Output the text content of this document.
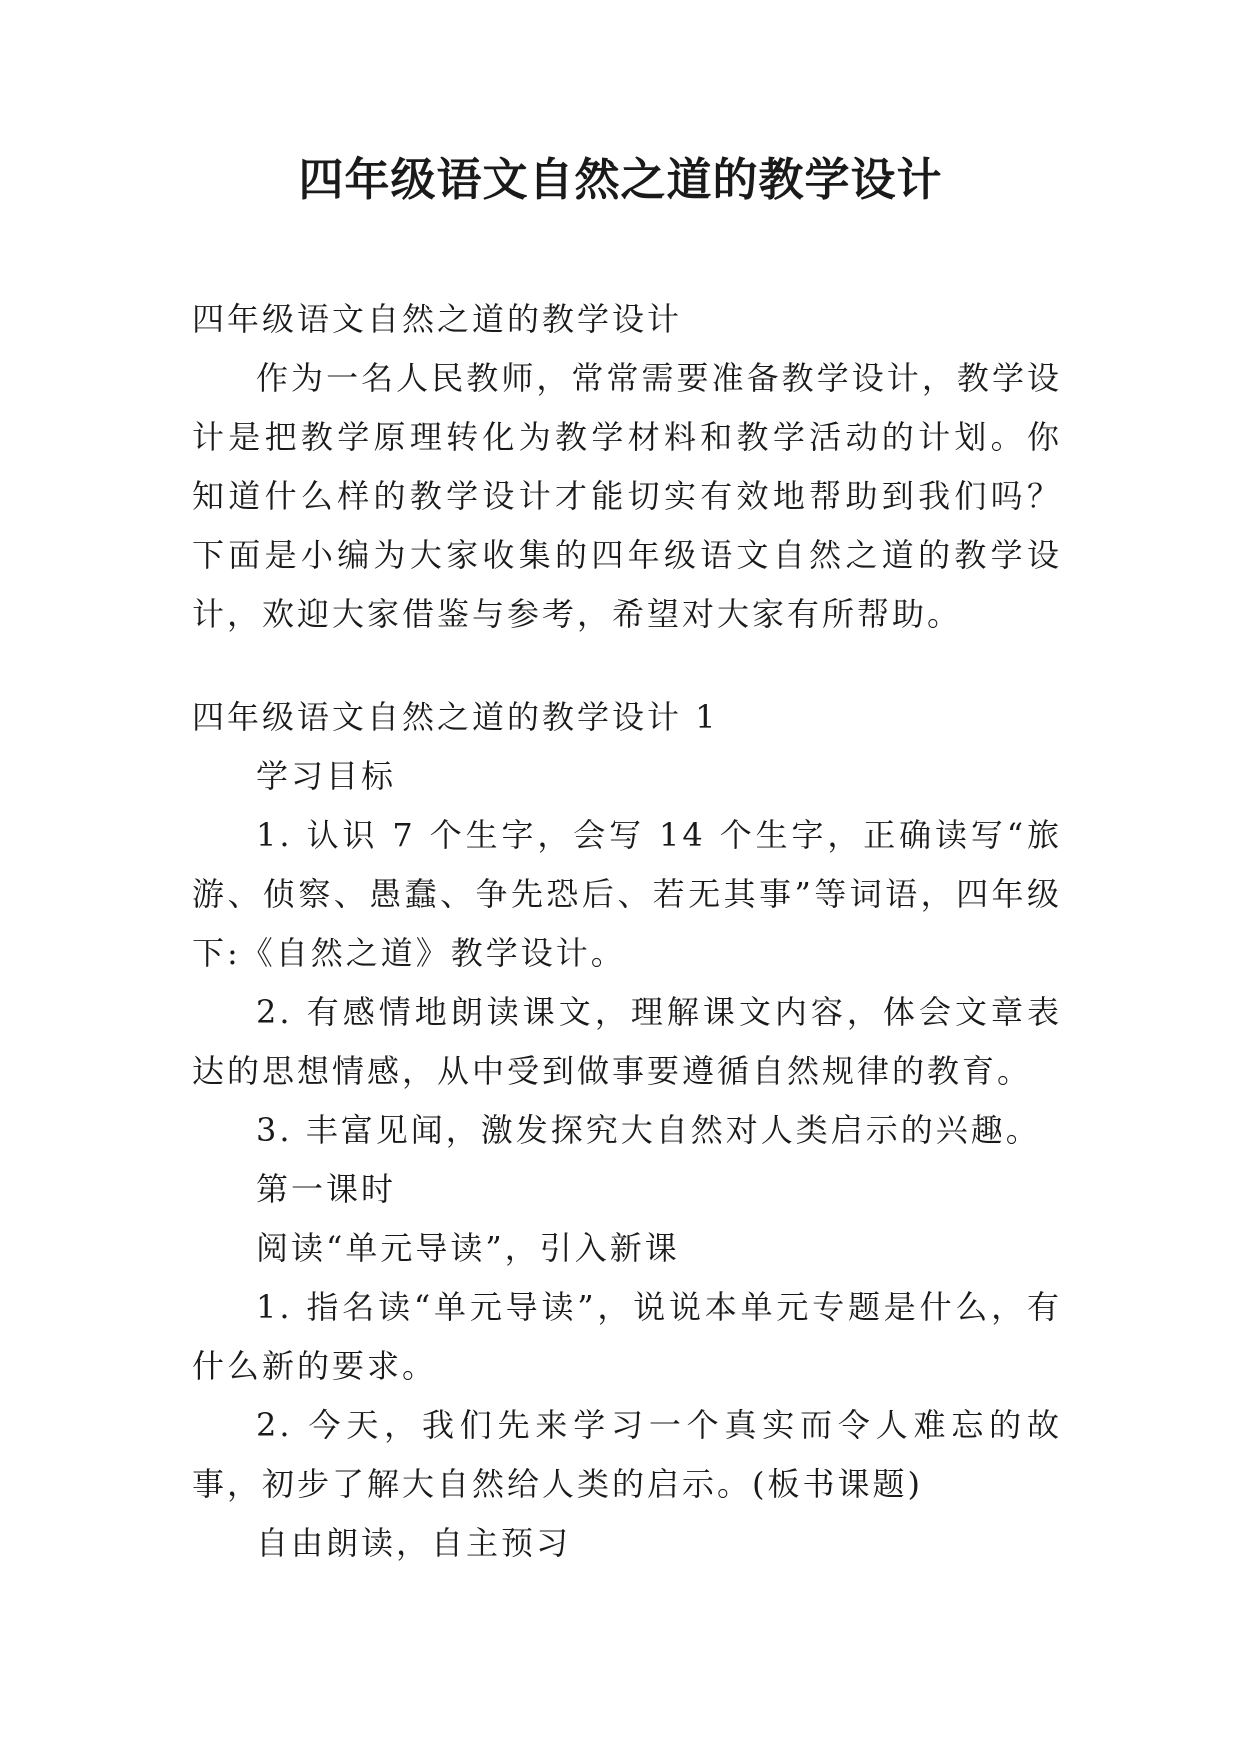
四年级语文自然之道的教学设计

四年级语文自然之道的教学设计

作为一名人民教师，常常需要准备教学设计，教学设计是把教学原理转化为教学材料和教学活动的计划。你知道什么样的教学设计才能切实有效地帮助到我们吗？下面是小编为大家收集的四年级语文自然之道的教学设计，欢迎大家借鉴与参考，希望对大家有所帮助。

四年级语文自然之道的教学设计 1

学习目标

1. 认识 7 个生字，会写 14 个生字，正确读写“旅游、侦察、愚蠢、争先恐后、若无其事”等词语，四年级下:《自然之道》教学设计。

2. 有感情地朗读课文，理解课文内容，体会文章表达的思想情感，从中受到做事要遵循自然规律的教育。

3. 丰富见闻，激发探究大自然对人类启示的兴趣。

第一课时

阅读“单元导读”，引入新课

1. 指名读“单元导读”，说说本单元专题是什么，有什么新的要求。

2. 今天，我们先来学习一个真实而令人难忘的故事，初步了解大自然给人类的启示。(板书课题)

自由朗读，自主预习
